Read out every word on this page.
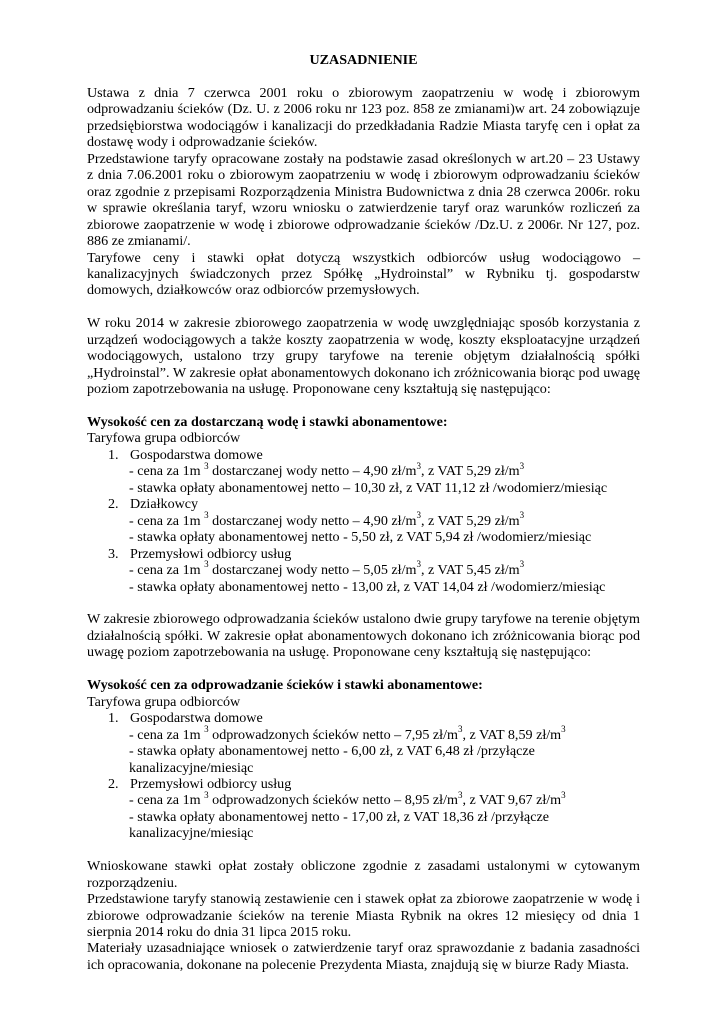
UZASADNIENIE

Ustawa z dnia 7 czerwca 2001 roku o zbiorowym zaopatrzeniu w wodę i zbiorowym odprowadzaniu ścieków (Dz. U. z 2006 roku nr 123 poz. 858 ze zmianami)w art. 24 zobowiązuje przedsiębiorstwa wodociągów i kanalizacji do przedkładania Radzie Miasta taryfę cen i opłat za dostawę wody i odprowadzanie ścieków.

Przedstawione taryfy opracowane zostały na podstawie zasad określonych w art.20 – 23 Ustawy z dnia 7.06.2001 roku o zbiorowym zaopatrzeniu w wodę i zbiorowym odprowadzaniu ścieków oraz zgodnie z przepisami Rozporządzenia Ministra Budownictwa z dnia 28 czerwca 2006r. roku w sprawie określania taryf, wzoru wniosku o zatwierdzenie taryf oraz warunków rozliczeń za zbiorowe zaopatrzenie w wodę i zbiorowe odprowadzanie ścieków /Dz.U. z 2006r. Nr 127, poz. 886 ze zmianami/.

Taryfowe ceny i stawki opłat dotyczą wszystkich odbiorców usług wodociągowo – kanalizacyjnych świadczonych przez Spółkę „Hydroinstal” w Rybniku tj. gospodarstw domowych, działkowców oraz odbiorców przemysłowych.

W roku 2014 w zakresie zbiorowego zaopatrzenia w wodę uwzględniając sposób korzystania z urządzeń wodociągowych a także koszty zaopatrzenia w wodę, koszty eksploatacyjne urządzeń wodociągowych, ustalono trzy grupy taryfowe na terenie objętym działalnością spółki „Hydroinstal”. W zakresie opłat abonamentowych dokonano ich zróżnicowania biorąc pod uwagę poziom zapotrzebowania na usługę. Proponowane ceny kształtują się następująco:

Wysokość cen za dostarczaną wodę i stawki abonamentowe:

Taryfowa grupa odbiorców

1. Gospodarstwa domowe

- cena za 1m $^3$ dostarczanej wody netto – 4,90 $zł/m^3$, z VAT 5,29 $zł/m^3$

- stawka opłaty abonamentowej netto – 10,30 zł, z VAT 11,12 zł /wodomierz/miesiąc

2. Działkowcy

- cena za 1m $^3$ dostarczanej wody netto – 4,90 $zł/m^3$, z VAT 5,29 $zł/m^3$

- stawka opłaty abonamentowej netto - 5,50 zł, z VAT 5,94 zł /wodomierz/miesiąc

3. Przemysłowi odbiorcy usług

- cena za 1m $^3$ dostarczanej wody netto – 5,05 $zł/m^3$, z VAT 5,45 $zł/m^3$

- stawka opłaty abonamentowej netto - 13,00 zł, z VAT 14,04 zł /wodomierz/miesiąc

W zakresie zbiorowego odprowadzania ścieków ustalono dwie grupy taryfowe na terenie objętym działalnością spółki. W zakresie opłat abonamentowych dokonano ich zróżnicowania biorąc pod uwagę poziom zapotrzebowania na usługę. Proponowane ceny kształtują się następująco:

Wysokość cen za odprowadzanie ścieków i stawki abonamentowe:

Taryfowa grupa odbiorców

1. Gospodarstwa domowe

- cena za 1m $^3$ odprowadzonych ścieków netto – 7,95 $zł/m^3$, z VAT 8,59 $zł/m^3$

- stawka opłaty abonamentowej netto - 6,00 zł, z VAT 6,48 zł /przyłącze kanalizacyjne/miesiąc

2. Przemysłowi odbiorcy usług

- cena za 1m $^3$ odprowadzonych ścieków netto – 8,95 $zł/m^3$, z VAT 9,67 $zł/m^3$

- stawka opłaty abonamentowej netto - 17,00 zł, z VAT 18,36 zł /przyłącze kanalizacyjne/miesiąc

Wnioskowane stawki opłat zostały obliczone zgodnie z zasadami ustalonymi w cytowanym rozporządzeniu.

Przedstawione taryfy stanowią zestawienie cen i stawek opłat za zbiorowe zaopatrzenie w wodę i zbiorowe odprowadzanie ścieków na terenie Miasta Rybnik na okres 12 miesięcy od dnia 1 sierpnia 2014 roku do dnia 31 lipca 2015 roku.

Materiały uzasadniające wniosek o zatwierdzenie taryf oraz sprawozdanie z badania zasadności ich opracowania, dokonane na polecenie Prezydenta Miasta, znajdują się w biurze Rady Miasta.
